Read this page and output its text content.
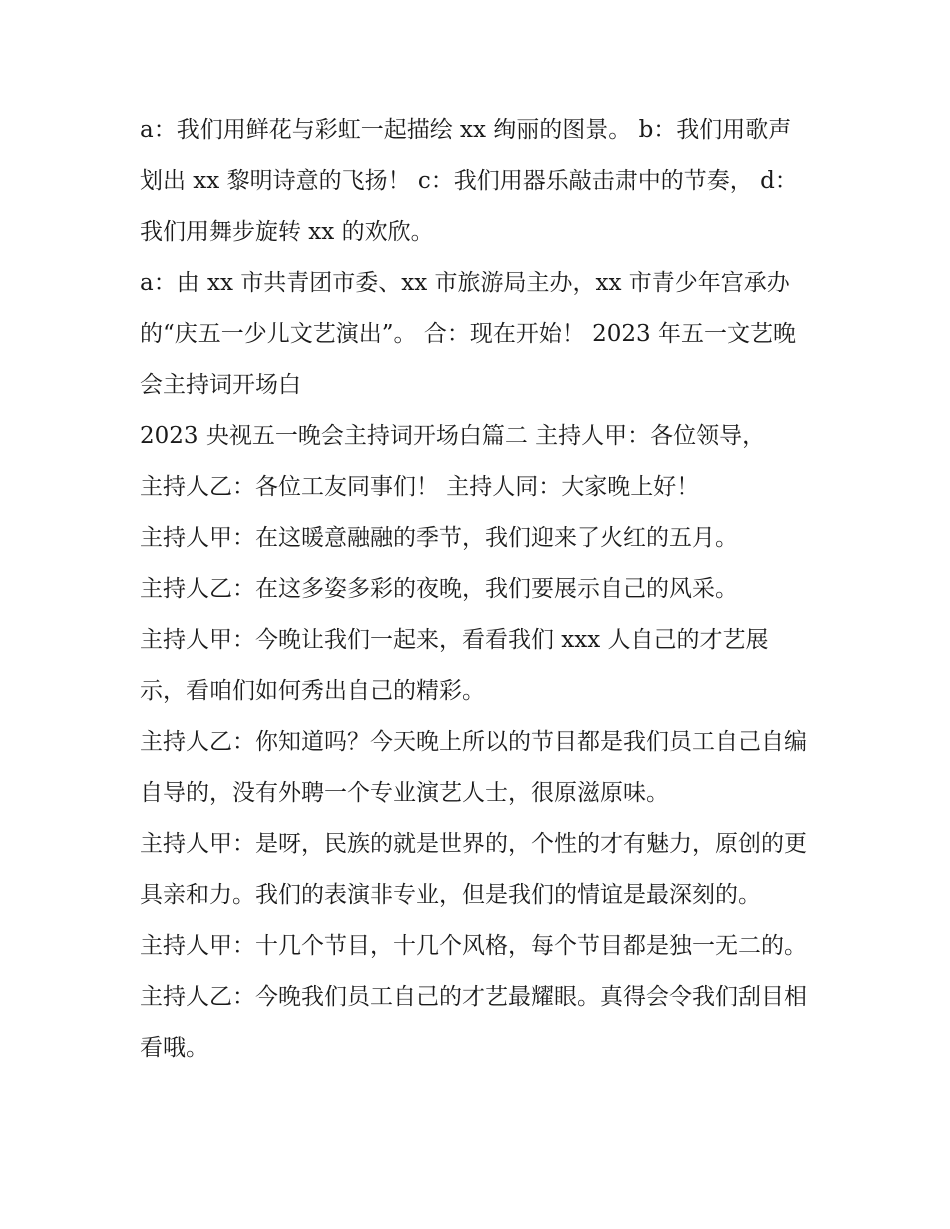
a：我们用鲜花与彩虹一起描绘 xx 绚丽的图景。 b：我们用歌声划出 xx 黎明诗意的飞扬！ c：我们用器乐敲击肃中的节奏， d：我们用舞步旋转 xx 的欢欣。

a：由 xx 市共青团市委、xx 市旅游局主办，xx 市青少年宫承办的“庆五一少儿文艺演出”。 合：现在开始！ 2023 年五一文艺晚会主持词开场白

2023 央视五一晚会主持词开场白篇二 主持人甲：各位领导，

主持人乙：各位工友同事们！ 主持人同：大家晚上好！

主持人甲：在这暖意融融的季节，我们迎来了火红的五月。

主持人乙：在这多姿多彩的夜晚，我们要展示自己的风采。

主持人甲：今晚让我们一起来，看看我们 xxx 人自己的才艺展示，看咱们如何秀出自己的精彩。

主持人乙：你知道吗？今天晚上所以的节目都是我们员工自己自编自导的，没有外聘一个专业演艺人士，很原滋原味。

主持人甲：是呀，民族的就是世界的，个性的才有魅力，原创的更具亲和力。我们的表演非专业，但是我们的情谊是最深刻的。

主持人甲：十几个节目，十几个风格，每个节目都是独一无二的。 主持人乙：今晚我们员工自己的才艺最耀眼。真得会令我们刮目相看哦。
